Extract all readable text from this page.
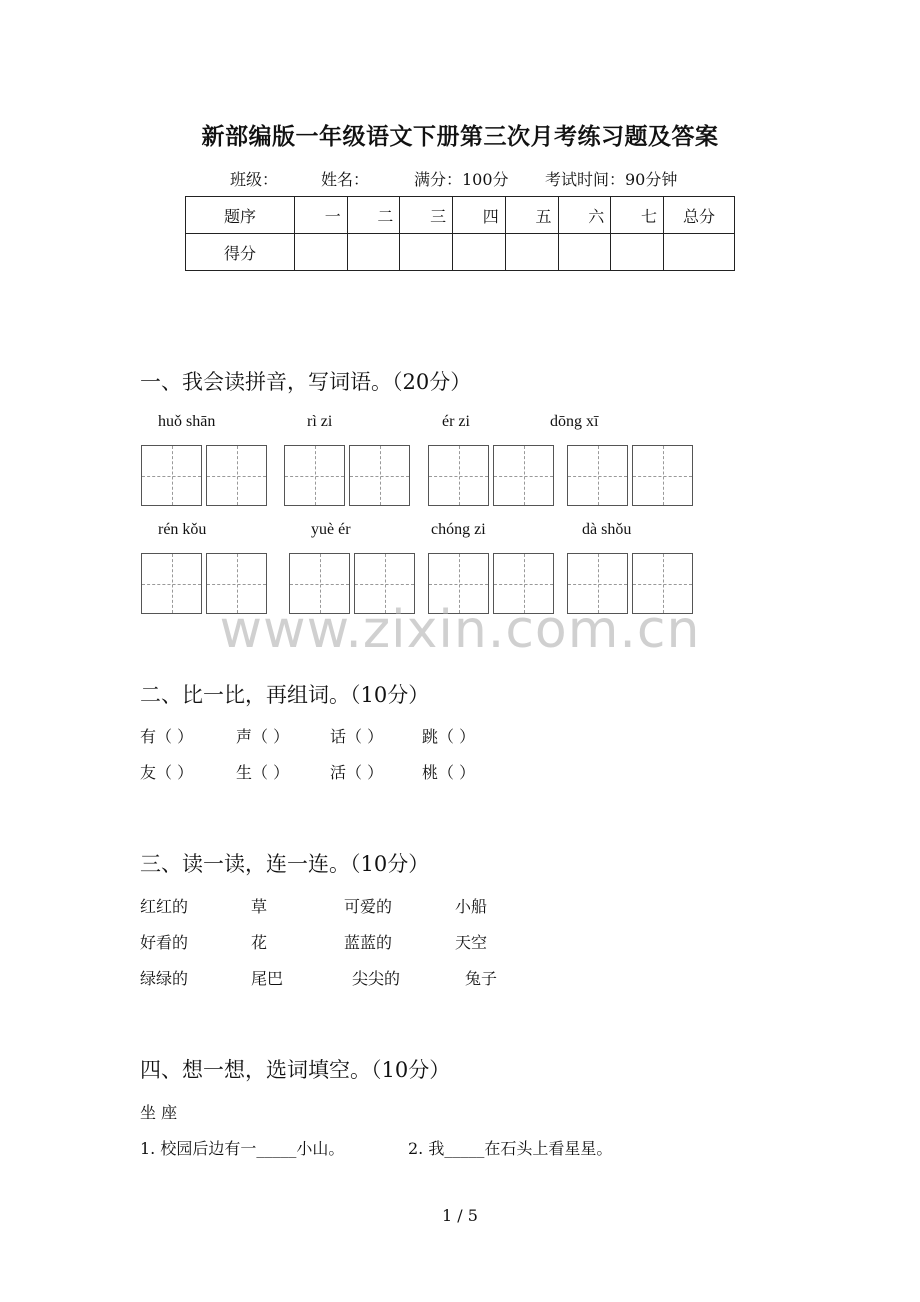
新部编版一年级语文下册第三次月考练习题及答案
班级：	姓名：	满分：100分 考试时间：90分钟
题序	一	二	三	四	五	六	七	总分
得分								
一、我会读拼音，写词语。（20分）
huǒ shān	rì zi	ér zi	dōng xī
rén kǒu	yuè ér	chóng zi	dà shǒu
www.zixin.com.cn
二、比一比，再组词。（10分）
有（ ）	声（ ）	话（ ） 跳（ ）
友（ ）	生（ ）	活（ ） 桃（ ）
三、读一读，连一连。（10分）
红红的	草	可爱的	小船
好看的	花	蓝蓝的	天空
绿绿的	尾巴	尖尖的	兔子
四、想一想，选词填空。（10分）
坐 座
1. 校园后边有一_____小山。	2. 我_____在石头上看星星。
1 / 5
